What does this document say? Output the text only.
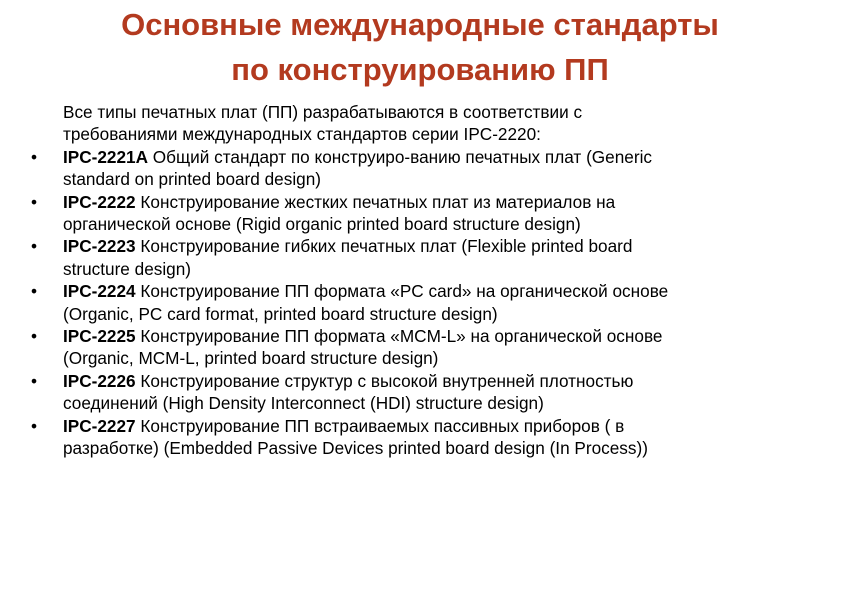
Основные международные стандарты
по конструированию ПП
Все типы печатных плат (ПП) разрабатываются в соответствии с
требованиями международных стандартов серии IPC-2220:
• IPC-2221A Общий стандарт по конструиро-ванию печатных плат (Generic
standard on printed board design)
• IPC-2222 Конструирование жестких печатных плат из материалов на
органической основе (Rigid organic printed board structure design)
• IPC-2223 Конструирование гибких печатных плат (Flexible printed board
structure design)
• IPC-2224 Конструирование ПП формата «PC card» на органической основе
(Organic, PC card format, printed board structure design)
• IPC-2225 Конструирование ПП формата «MCM-L» на органической основе
(Organic, MCM-L, printed board structure design)
• IPC-2226 Конструирование структур с высокой внутренней плотностью
соединений (High Density Interconnect (HDI) structure design)
• IPC-2227 Конструирование ПП встраиваемых пассивных приборов ( в
разработке) (Embedded Passive Devices printed board design (In Process))
